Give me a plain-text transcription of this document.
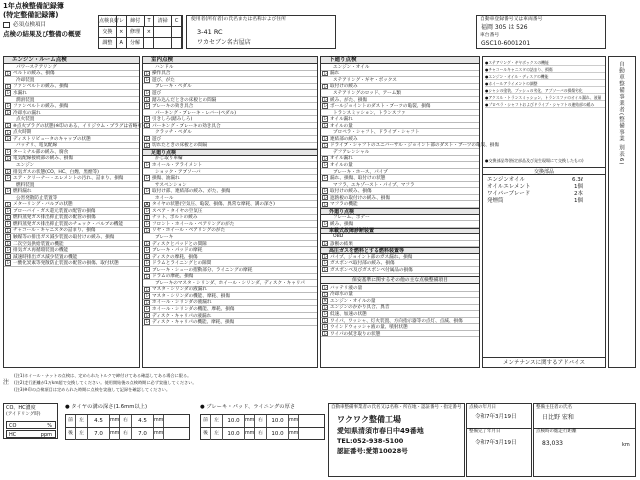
1年点検整備記録簿
(特定整備記録簿)
必須点検項目
点検の結果及び整備の概要
点検良好 レ	締付	T	清掃	C
交換	×	修理	×
調整	A	分解
使用者(所有者)の氏名または名称および住所
3-41 RC
ワカセブン名古屋店
自動車登録番号又は車両番号
福岡 305 は 526
車台番号
GSC10-6001201
エンジン・ルーム点検
パワーステアリング
レ ベルトの緩み、損傷
冷却装置
レ ファンベルトの緩み、損傷
レ 水漏れ
潤滑装置
レ ファンベルトの緩み、損傷
レ 冷却水の漏れ
点火装置
レ ※点火プラグの状態(※印のある、イリジウム・プラグは省略可)
レ 点火時期
レ ディストリビュータのキャップの状態
バッテリ、電気配線
レ ターミナル部の緩み、腐食
レ 電気配線接続部の緩み、損傷
エンジン
レ 排気ガスの状態(CO、HC、白煙、黒煙等)
レ エア・クリーナー・エレメントの汚れ、詰まり、損傷
燃料装置
レ 燃料漏れ
公害発散防止装置等
レ メターリング・バルブの状態
レ ブローバイ・ガス還元装置の配管の損傷
レ 燃料蒸発ガス排出抑止装置の配管の損傷
レ 燃料蒸発ガス排出抑止装置のチェック・バルブの機能
レ チャコール・キャニスタの詰まり、損傷
レ 触媒等の排出ガス減少装置の取付けの緩み、損傷
レ 二次空気供給装置の機能
レ 排気ガス再循環装置の機能
レ 減速時排出ガス減少装置の機能
レ 一酸化炭素等発散防止装置の配管の損傷、取付状態
室内点検
ハンドル
レ 操作具合
レ 遊び、がた
ブレーキ・ペダル
レ 遊び
レ 踏み込んだときの床板との間隔
レ ブレーキの効き具合
パーキング・ブレーキ・レバー(ペダル)
レ 引きしろ(踏みしろ)
レ パーキング・ブレーキの効き具合
クラッチ・ペダル
レ 遊び
レ 切れたときの床板との間隔
足廻り点検
かじ取り車輪
レ ホイール・アライメント
ショック・アブソーバ
レ 損傷、油漏れ
サスペンション
レ 取付け部、連結部の緩み、がた、損傷
ホイール
A タイヤの状態(空気圧、亀裂、損傷、異常な摩耗、溝の深さ)
レ スペア・タイヤの空気圧
T ナット、ボルトの緩み
レ フロント・ホイール・ベアリングのがた
レ リヤ・ホイール・ベアリングのがた
ブレーキ
レ ディスクとパッドとの間隙
レ ブレーキ・パッドの摩耗
レ ディスクの摩耗、損傷
レ ドラムとライニングとの隙間
レ ブレーキ・シューの摺動部分、ライニングの摩耗
レ ドラムの摩耗、損傷
ブレーキのマスタ・シリンダ、ホイール・シリンダ、ディスク・キャリパ
レ マスタ・シリンダの液漏れ
レ マスタ・シリンダの機能、摩耗、損傷
レ ホイール・シリンダの液漏れ
レ ホイール・シリンダの機能、摩耗、損傷
レ ディスク・キャリパの液漏れ
レ ディスク・キャリパの機能、摩耗、損傷
下廻り点検
エンジン・オイル
レ 漏れ
ステアリング・ギヤ・ボックス
レ 取付けの緩み
ステアリングのロッド、アーム類
レ 緩み、がた、損傷
レ ボールジョイントのダスト・ブーツの亀裂、損傷
トランスミッション、トランスファ
レ オイル漏れ
レ オイルの量
プロペラ・シャフト、ドライブ・シャフト
レ 連結部の緩み
レ ドライブ・シャフトのユニバーサル・ジョイント部のダスト・ブーツの亀裂、損傷
デフアレンシャル
レ オイル漏れ
レ オイルの量
ブレーキ・ホース、パイプ
レ 漏れ、損傷、取付けの状態
マフラ、エキゾースト・パイプ、マフラ
レ 取付けの緩み、損傷
レ 遮熱板の取付けの緩み、損傷
レ マフラの機能
外廻り点検
フレーム、ボデー
レ 緩み、損傷
車載式故障診断装置
OBD
レ 診断の結果
高圧ガスを燃料とする燃料装置等
レ パイプ、ジョイント部のガス漏れ、損傷
レ ガスボンベ取付部の緩み、損傷
レ ガスボンベ及びガスボンベ付属品の損傷
保安基準に関するその他の主な点検整備項目
レ バッテリ液の量
レ 冷却水の量
× エンジン・オイルの量
レ エンジンのかかり具合、異音
レ 低速、加速の状態
レ ワイパ、ワッシャ、灯火装置、方向指示器等の点灯、点滅、損傷
レ ウインドウォッシャ液の量、噴射状態
レ ワイパの拭き取りの状態
●ステアリング・ギヤボックスの機能
●チャコールキャニスタの詰まり、損傷
●エンジン・オイル・ディスクの機能
●ホイールアライメントの調整
●シャシの塗装、ブッシュの劣化、アブソーバの損傷劣化
●アクスル・トランスミッション、トランスファのオイル漏れ、液量
●プロペラ・シャフトおよびドライブ・シャフトの連結部の緩み
●交換部品等(指定部品及び発生現場にて交換したもの)
交換部品
エンジンオイル	6.3ℓ
オイルエレメント	1個
ワイパーブレード	2本
発煙筒	1個
メンテナンスに関するアドバイス
自動車整備事業者(整備事業 別表6)
(注1)ホイール・ナットの点検は、定められたトルクで締付けてある確認してある場合に限る。
(注2)走行距離が1万km超で交換してください。使用開始後の点検時期に必ず実施してください。
(注3)※印の点検項目は定められた時期に点検を実施して記録を確認してください。
注
CO、HC濃度
(アイドリング時)
CO	%
HC	ppm
● タイヤの溝の深さ(1.6mm以上)
前	左	4.5	mm 右	4.5	mm
後	左	7.0	mm 右	7.0	mm
● ブレーキ・パッド、ライニングの厚さ
前	左	10.0	mm 右	10.0	mm
後	左	10.0	mm 右	10.0	mm
自動車整備事業者の氏名又は名称・所在地・認証番号・指定番号
ワクワク整備工場
愛知県清須市春日中49番地
TEL:052-938-5100
認証番号:愛第10028号
点検の年月日
令和7年3月19日
整備完了年月日
令和7年3月19日
整備主任者の氏名
日比野 宏和
点検時の総走行距離
83,033	km
